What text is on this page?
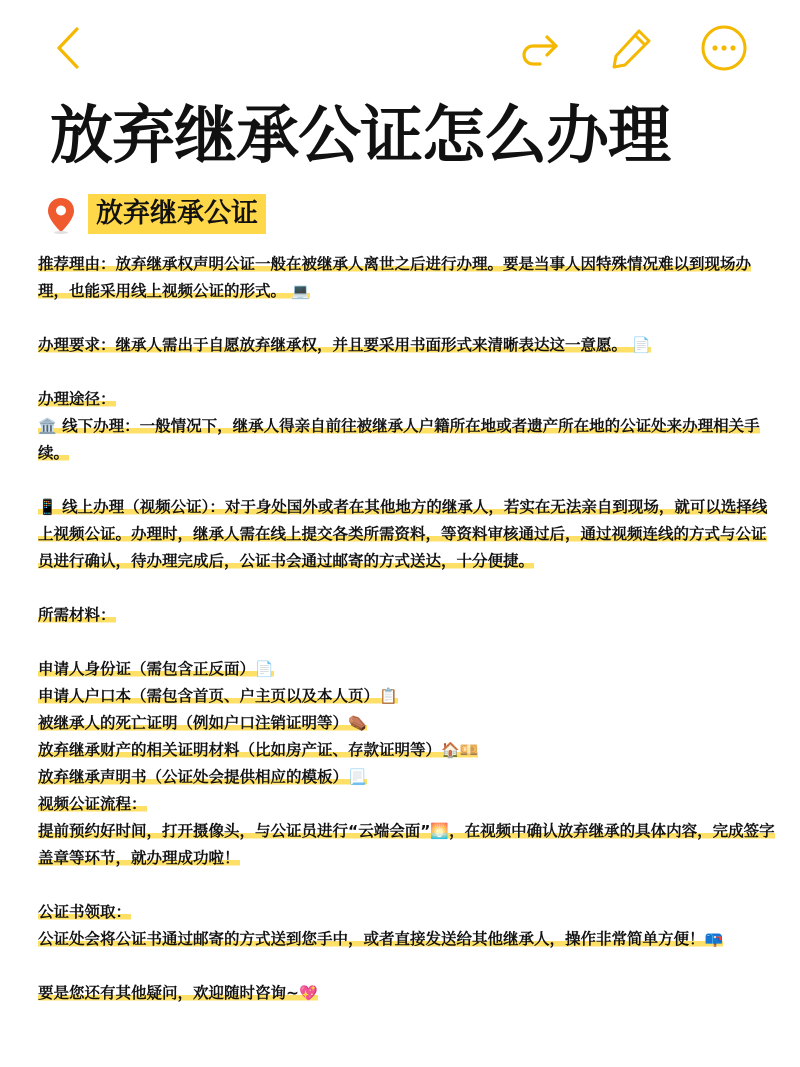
放弃继承公证怎么办理
放弃继承公证

推荐理由：放弃继承权声明公证一般在被继承人离世之后进行办理。要是当事人因特殊情况难以到现场办理，也能采用线上视频公证的形式。 💻

办理要求：继承人需出于自愿放弃继承权，并且要采用书面形式来清晰表达这一意愿。 📄

办理途径：

🏛️ 线下办理：一般情况下，继承人得亲自前往被继承人户籍所在地或者遗产所在地的公证处来办理相关手续。

📱 线上办理（视频公证）：对于身处国外或者在其他地方的继承人，若实在无法亲自到现场，就可以选择线上视频公证。办理时，继承人需在线上提交各类所需资料，等资料审核通过后，通过视频连线的方式与公证员进行确认，待办理完成后，公证书会通过邮寄的方式送达，十分便捷。

所需材料：

申请人身份证（需包含正反面）📄

申请人户口本（需包含首页、户主页以及本人页）📋

被继承人的死亡证明（例如户口注销证明等）⚰️

放弃继承财产的相关证明材料（比如房产证、存款证明等）🏠💴

放弃继承声明书（公证处会提供相应的模板）📃

视频公证流程：

提前预约好时间，打开摄像头，与公证员进行“云端会面”🌅，在视频中确认放弃继承的具体内容，完成签字盖章等环节，就办理成功啦！

公证书领取：

公证处会将公证书通过邮寄的方式送到您手中，或者直接发送给其他继承人，操作非常简单方便！📪

要是您还有其他疑问，欢迎随时咨询~💖
